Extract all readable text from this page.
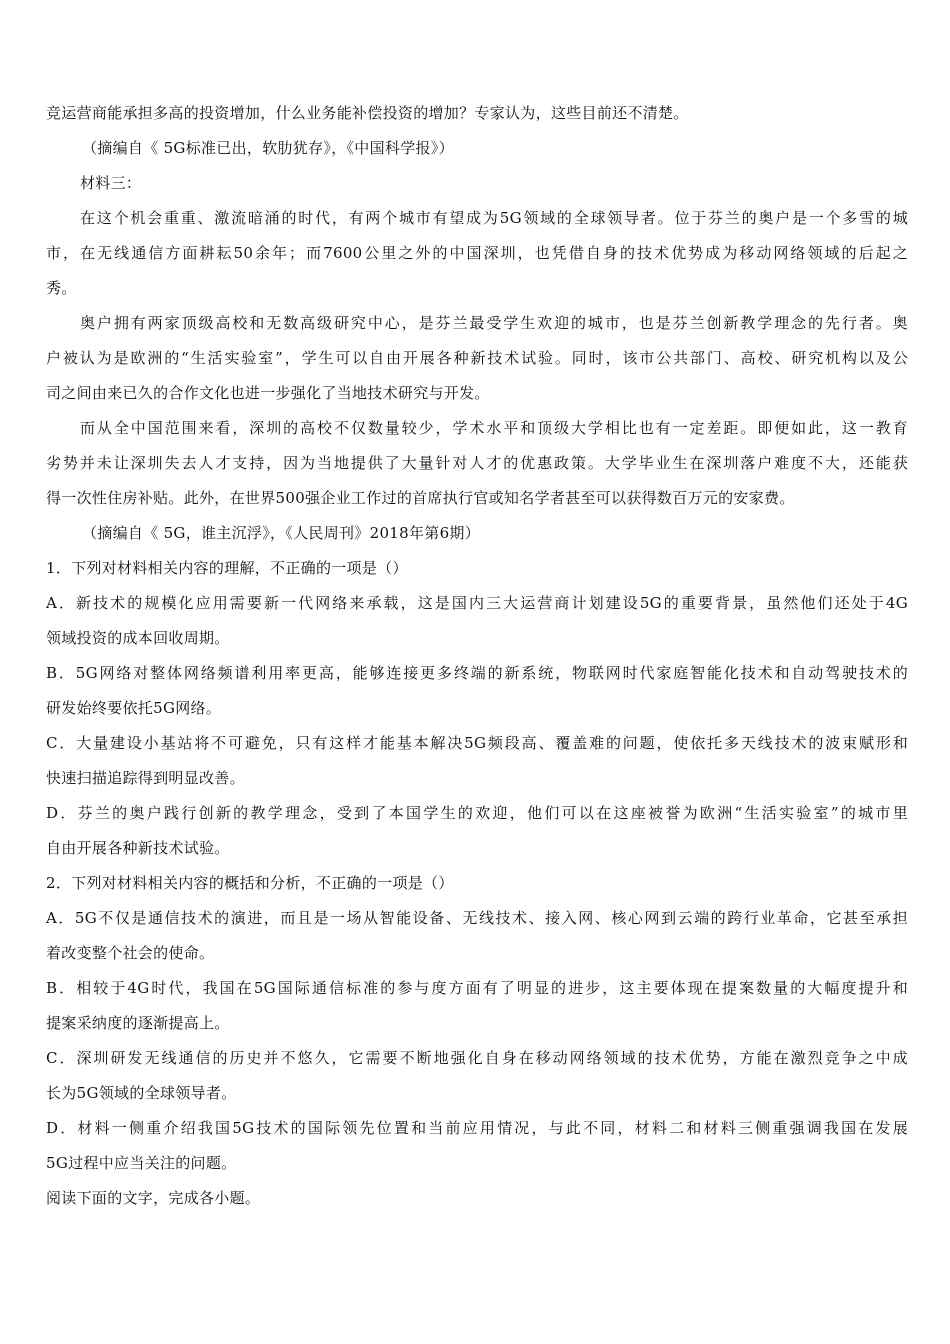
竞运营商能承担多高的投资增加，什么业务能补偿投资的增加？专家认为，这些目前还不清楚。
（摘编自《 5G标准已出，软肋犹存》，《中国科学报》）
材料三：
在这个机会重重、激流暗涌的时代，有两个城市有望成为5G领域的全球领导者。位于芬兰的奥户是一个多雪的城
市，在无线通信方面耕耘50余年；而7600公里之外的中国深圳，也凭借自身的技术优势成为移动网络领域的后起之
秀。
奥户拥有两家顶级高校和无数高级研究中心，是芬兰最受学生欢迎的城市，也是芬兰创新教学理念的先行者。奥
户被认为是欧洲的“生活实验室”，学生可以自由开展各种新技术试验。同时，该市公共部门、高校、研究机构以及公
司之间由来已久的合作文化也进一步强化了当地技术研究与开发。
而从全中国范围来看，深圳的高校不仅数量较少，学术水平和顶级大学相比也有一定差距。即便如此，这一教育
劣势并未让深圳失去人才支持，因为当地提供了大量针对人才的优惠政策。大学毕业生在深圳落户难度不大，还能获
得一次性住房补贴。此外，在世界500强企业工作过的首席执行官或知名学者甚至可以获得数百万元的安家费。
（摘编自《 5G，谁主沉浮》，《人民周刊》2018年第6期）
1．下列对材料相关内容的理解，不正确的一项是（）
A．新技术的规模化应用需要新一代网络来承载，这是国内三大运营商计划建设5G的重要背景，虽然他们还处于4G
领域投资的成本回收周期。
B．5G网络对整体网络频谱利用率更高，能够连接更多终端的新系统，物联网时代家庭智能化技术和自动驾驶技术的
研发始终要依托5G网络。
C．大量建设小基站将不可避免，只有这样才能基本解决5G频段高、覆盖难的问题，使依托多天线技术的波束赋形和
快速扫描追踪得到明显改善。
D．芬兰的奥户践行创新的教学理念，受到了本国学生的欢迎，他们可以在这座被誉为欧洲“生活实验室”的城市里
自由开展各种新技术试验。
2．下列对材料相关内容的概括和分析，不正确的一项是（）
A．5G不仅是通信技术的演进，而且是一场从智能设备、无线技术、接入网、核心网到云端的跨行业革命，它甚至承担
着改变整个社会的使命。
B．相较于4G时代，我国在5G国际通信标准的参与度方面有了明显的进步，这主要体现在提案数量的大幅度提升和
提案采纳度的逐渐提高上。
C．深圳研发无线通信的历史并不悠久，它需要不断地强化自身在移动网络领域的技术优势，方能在激烈竞争之中成
长为5G领域的全球领导者。
D．材料一侧重介绍我国5G技术的国际领先位置和当前应用情况，与此不同，材料二和材料三侧重强调我国在发展
5G过程中应当关注的问题。
阅读下面的文字，完成各小题。
